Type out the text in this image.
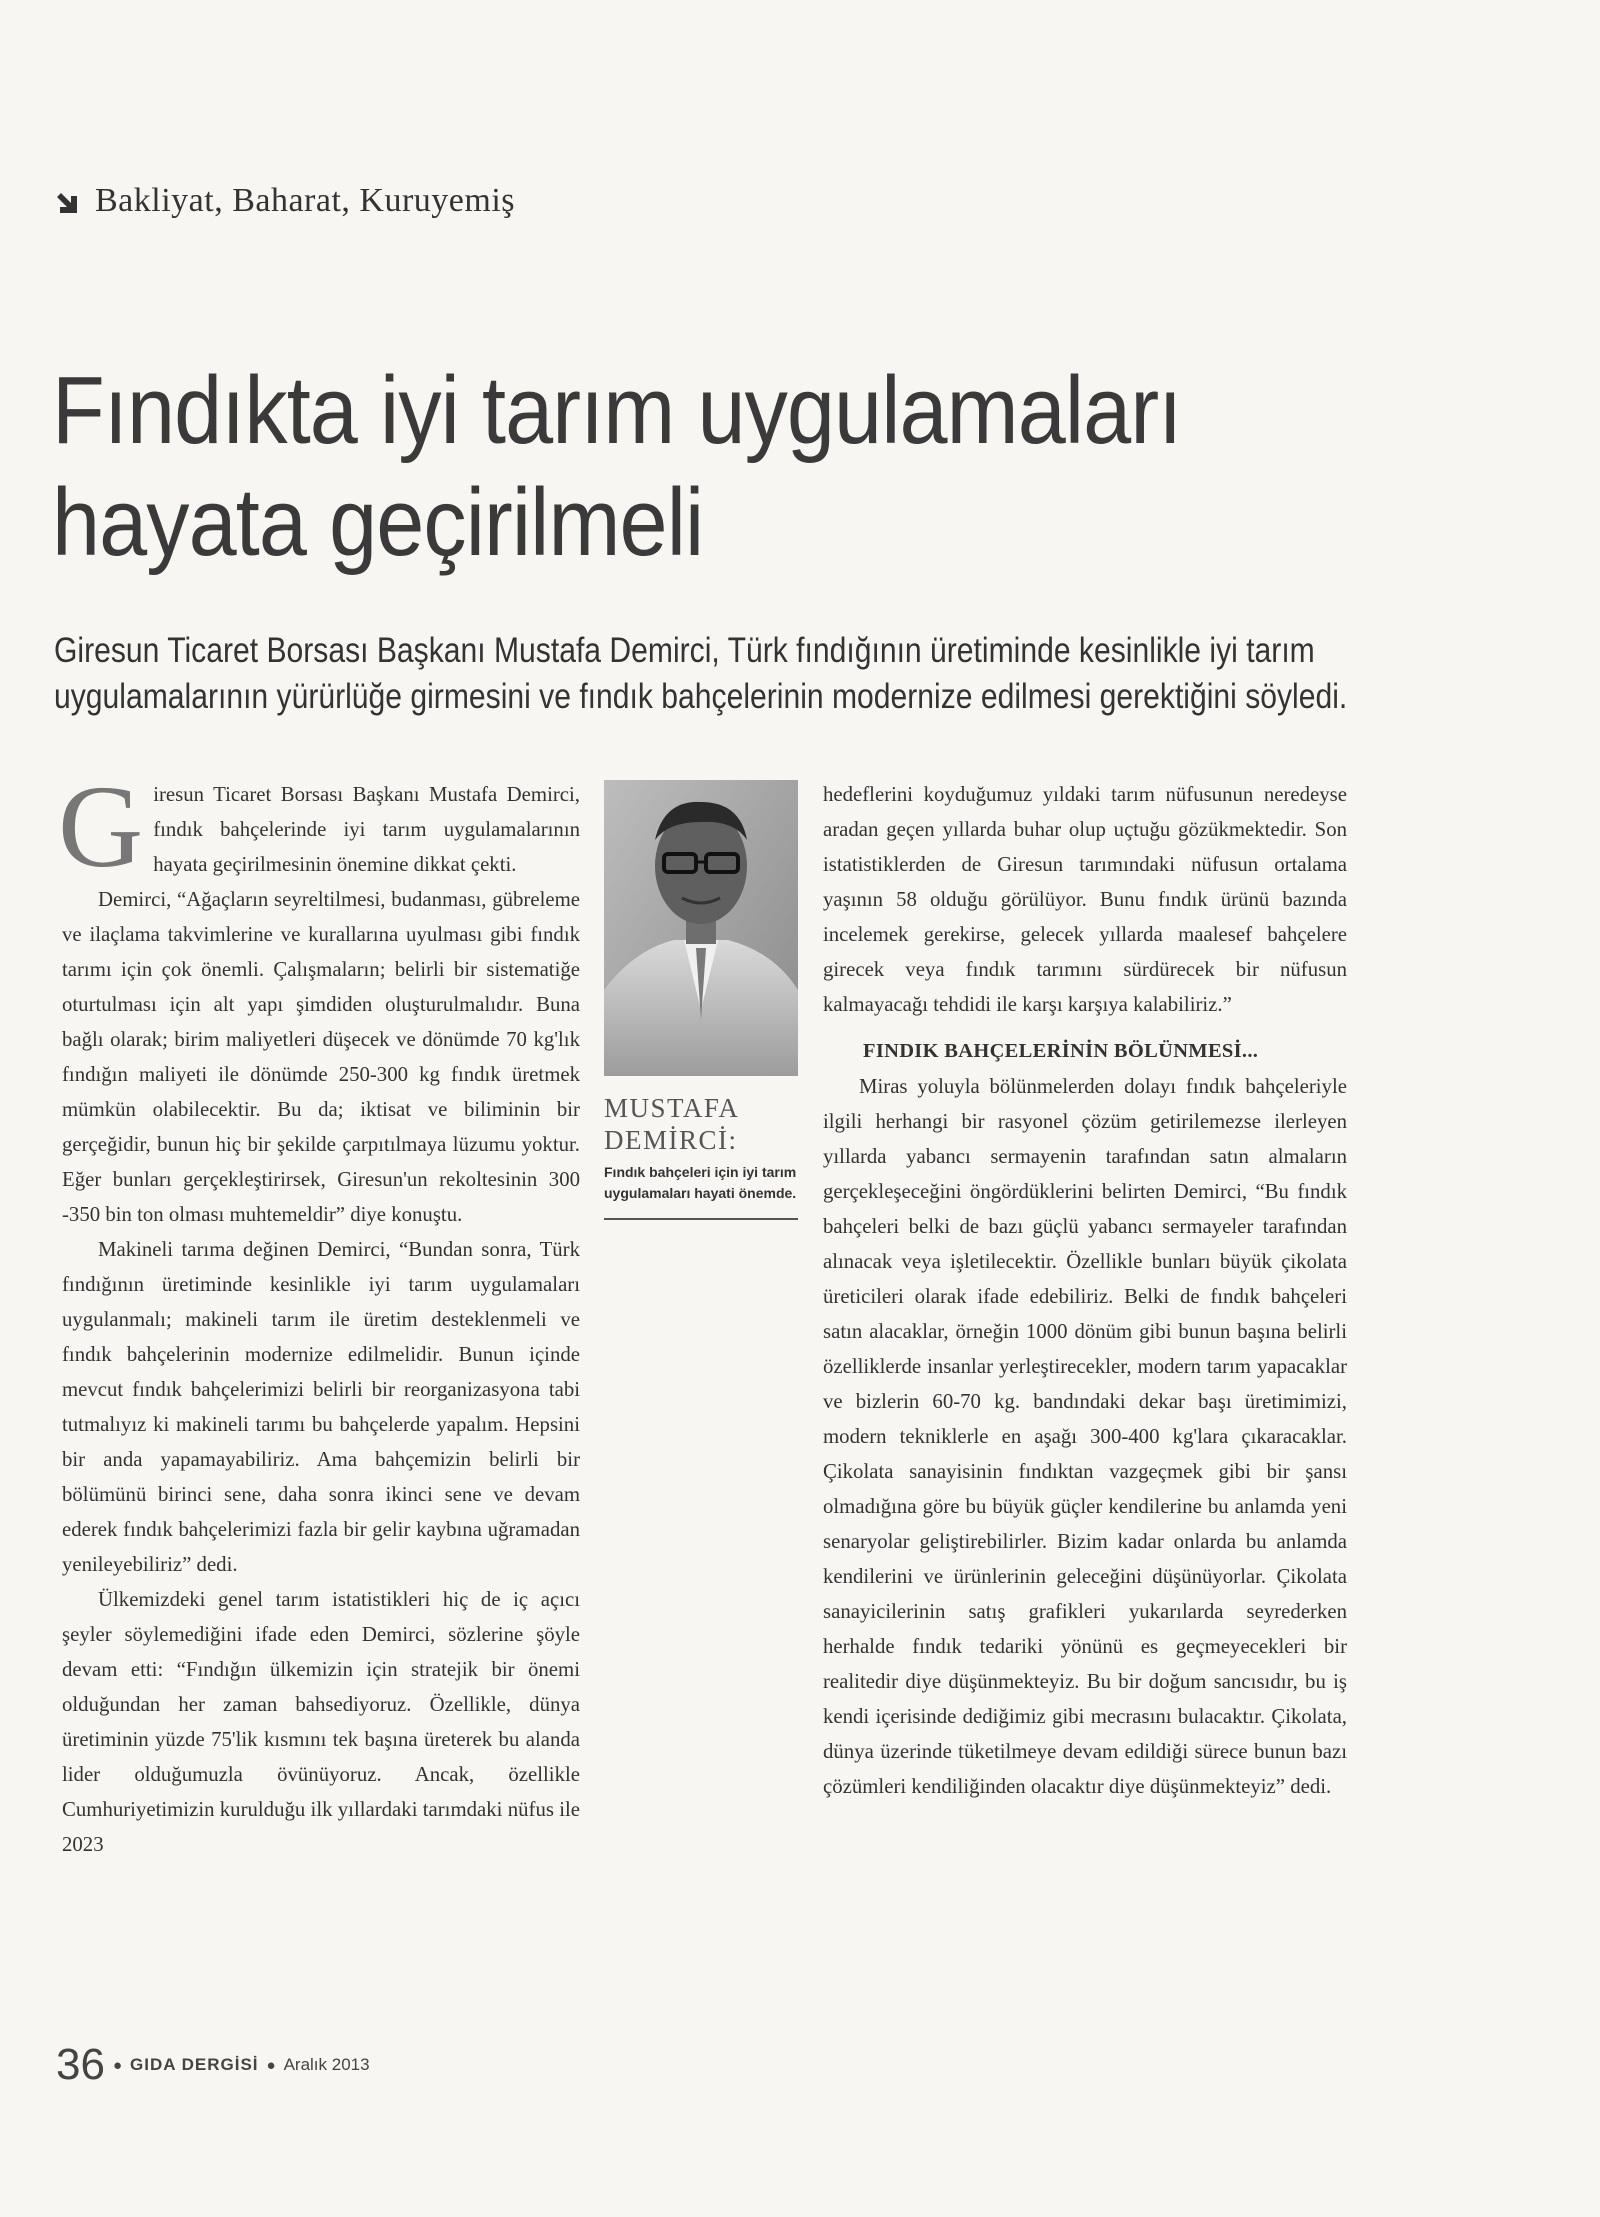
Bakliyat, Baharat, Kuruyemiş
Fındıkta iyi tarım uygulamaları
hayata geçirilmeli

Giresun Ticaret Borsası Başkanı Mustafa Demirci, Türk fındığının üretiminde kesinlikle iyi tarım
uygulamalarının yürürlüğe girmesini ve fındık bahçelerinin modernize edilmesi gerektiğini söyledi.

Giresun Ticaret Borsası Başkanı Mustafa Demirci, fındık bahçelerinde iyi tarım uygulamalarının hayata geçirilmesinin önemine dikkat çekti.

Demirci, “Ağaçların seyreltilmesi, budanması, gübreleme ve ilaçlama takvimlerine ve kurallarına uyulması gibi fındık tarımı için çok önemli. Çalışmaların; belirli bir sistematiğe oturtulması için alt yapı şimdiden oluşturulmalıdır. Buna bağlı olarak; birim maliyetleri düşecek ve dönümde 70 kg'lık fındığın maliyeti ile dönümde 250-300 kg fındık üretmek mümkün olabilecektir. Bu da; iktisat ve biliminin bir gerçeğidir, bunun hiç bir şekilde çarpıtılmaya lüzumu yoktur. Eğer bunları gerçekleştirirsek, Giresun'un rekoltesinin 300 -350 bin ton olması muhtemeldir” diye konuştu.

Makineli tarıma değinen Demirci, “Bundan sonra, Türk fındığının üretiminde kesinlikle iyi tarım uygulamaları uygulanmalı; makineli tarım ile üretim desteklenmeli ve fındık bahçelerinin modernize edilmelidir. Bunun içinde mevcut fındık bahçelerimizi belirli bir reorganizasyona tabi tutmalıyız ki makineli tarımı bu bahçelerde yapalım. Hepsini bir anda yapamayabiliriz. Ama bahçemizin belirli bir bölümünü birinci sene, daha sonra ikinci sene ve devam ederek fındık bahçelerimizi fazla bir gelir kaybına uğramadan yenileyebiliriz” dedi.

Ülkemizdeki genel tarım istatistikleri hiç de iç açıcı şeyler söylemediğini ifade eden Demirci, sözlerine şöyle devam etti: “Fındığın ülkemizin için stratejik bir önemi olduğundan her zaman bahsediyoruz. Özellikle, dünya üretiminin yüzde 75'lik kısmını tek başına üreterek bu alanda lider olduğumuzla övünüyoruz. Ancak, özellikle Cumhuriyetimizin kurulduğu ilk yıllardaki tarımdaki nüfus ile 2023

MUSTAFA
DEMİRCİ:

Fındık bahçeleri için iyi tarım uygulamaları hayati önemde.

hedeflerini koyduğumuz yıldaki tarım nüfusunun neredeyse aradan geçen yıllarda buhar olup uçtuğu gözükmektedir. Son istatistiklerden de Giresun tarımındaki nüfusun ortalama yaşının 58 olduğu görülüyor. Bunu fındık ürünü bazında incelemek gerekirse, gelecek yıllarda maalesef bahçelere girecek veya fındık tarımını sürdürecek bir nüfusun kalmayacağı tehdidi ile karşı karşıya kalabiliriz.”

FINDIK BAHÇELERİNİN BÖLÜNMESİ...

Miras yoluyla bölünmelerden dolayı fındık bahçeleriyle ilgili herhangi bir rasyonel çözüm getirilemezse ilerleyen yıllarda yabancı sermayenin tarafından satın almaların gerçekleşeceğini öngördüklerini belirten Demirci, “Bu fındık bahçeleri belki de bazı güçlü yabancı sermayeler tarafından alınacak veya işletilecektir. Özellikle bunları büyük çikolata üreticileri olarak ifade edebiliriz. Belki de fındık bahçeleri satın alacaklar, örneğin 1000 dönüm gibi bunun başına belirli özelliklerde insanlar yerleştirecekler, modern tarım yapacaklar ve bizlerin 60-70 kg. bandındaki dekar başı üretimimizi, modern tekniklerle en aşağı 300-400 kg'lara çıkaracaklar. Çikolata sanayisinin fındıktan vazgeçmek gibi bir şansı olmadığına göre bu büyük güçler kendilerine bu anlamda yeni senaryolar geliştirebilirler. Bizim kadar onlarda bu anlamda kendilerini ve ürünlerinin geleceğini düşünüyorlar. Çikolata sanayicilerinin satış grafikleri yukarılarda seyrederken herhalde fındık tedariki yönünü es geçmeyecekleri bir realitedir diye düşünmekteyiz. Bu bir doğum sancısıdır, bu iş kendi içerisinde dediğimiz gibi mecrasını bulacaktır. Çikolata, dünya üzerinde tüketilmeye devam edildiği sürece bunun bazı çözümleri kendiliğinden olacaktır diye düşünmekteyiz” dedi.

36 ● GIDA DERGİSİ ● Aralık 2013
